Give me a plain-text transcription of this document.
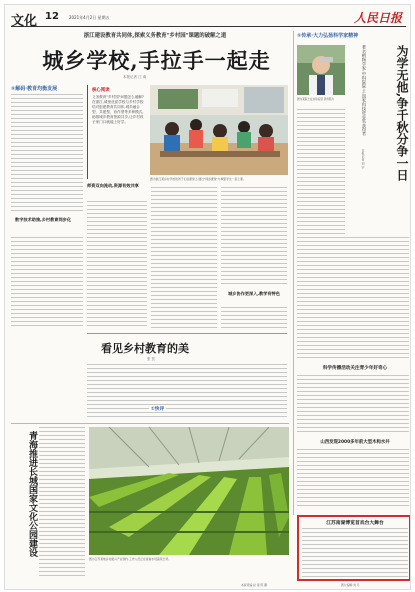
文化 12	2021年4月2日 星期五	人民日报
浙江建设教育共同体,探索义务教育"乡村园"课题的破解之道
城乡学校,手拉手一起走
本报记者 江 南
①解码·教育均衡发展
数字技术助推,乡村教育同步化
核心阅读
义务教育"乡村园"问题怎么破解?在浙江,城里优质学校与乡村学校结对组建教育共同体,城乡融合型、共建型、协作型等多种模式,助推城乡教育资源共享,让乡村孩子家门口就能上好学。
图为浙江某乡村学校的孩子们在课堂上,通过"同步课堂"与城里学生一起上课。
师资双向流动,资源有效共享
城乡协作更深入,教学有特色
看见乡村教育的美
张 贺
①快评
①传承·大力弘扬科学家精神
图为某院士在实验室里 资料照片	著名植物学家,中科院院士,国家科技进步奖获得者	为学无他,争千秋分争一日
本报记者 刘 宇
科学传播活动关注青少年好奇心
山西发现2000多年前大型木构水井
江苏南湖博览首戏台大舞台
青海推进长城国家文化公园建设
图为江苏某地乡村振兴产业园内,工作人员正在查看水培蔬菜长势。
本版责编:赵 蕾 陈 鹏	图片编辑:刘 月
